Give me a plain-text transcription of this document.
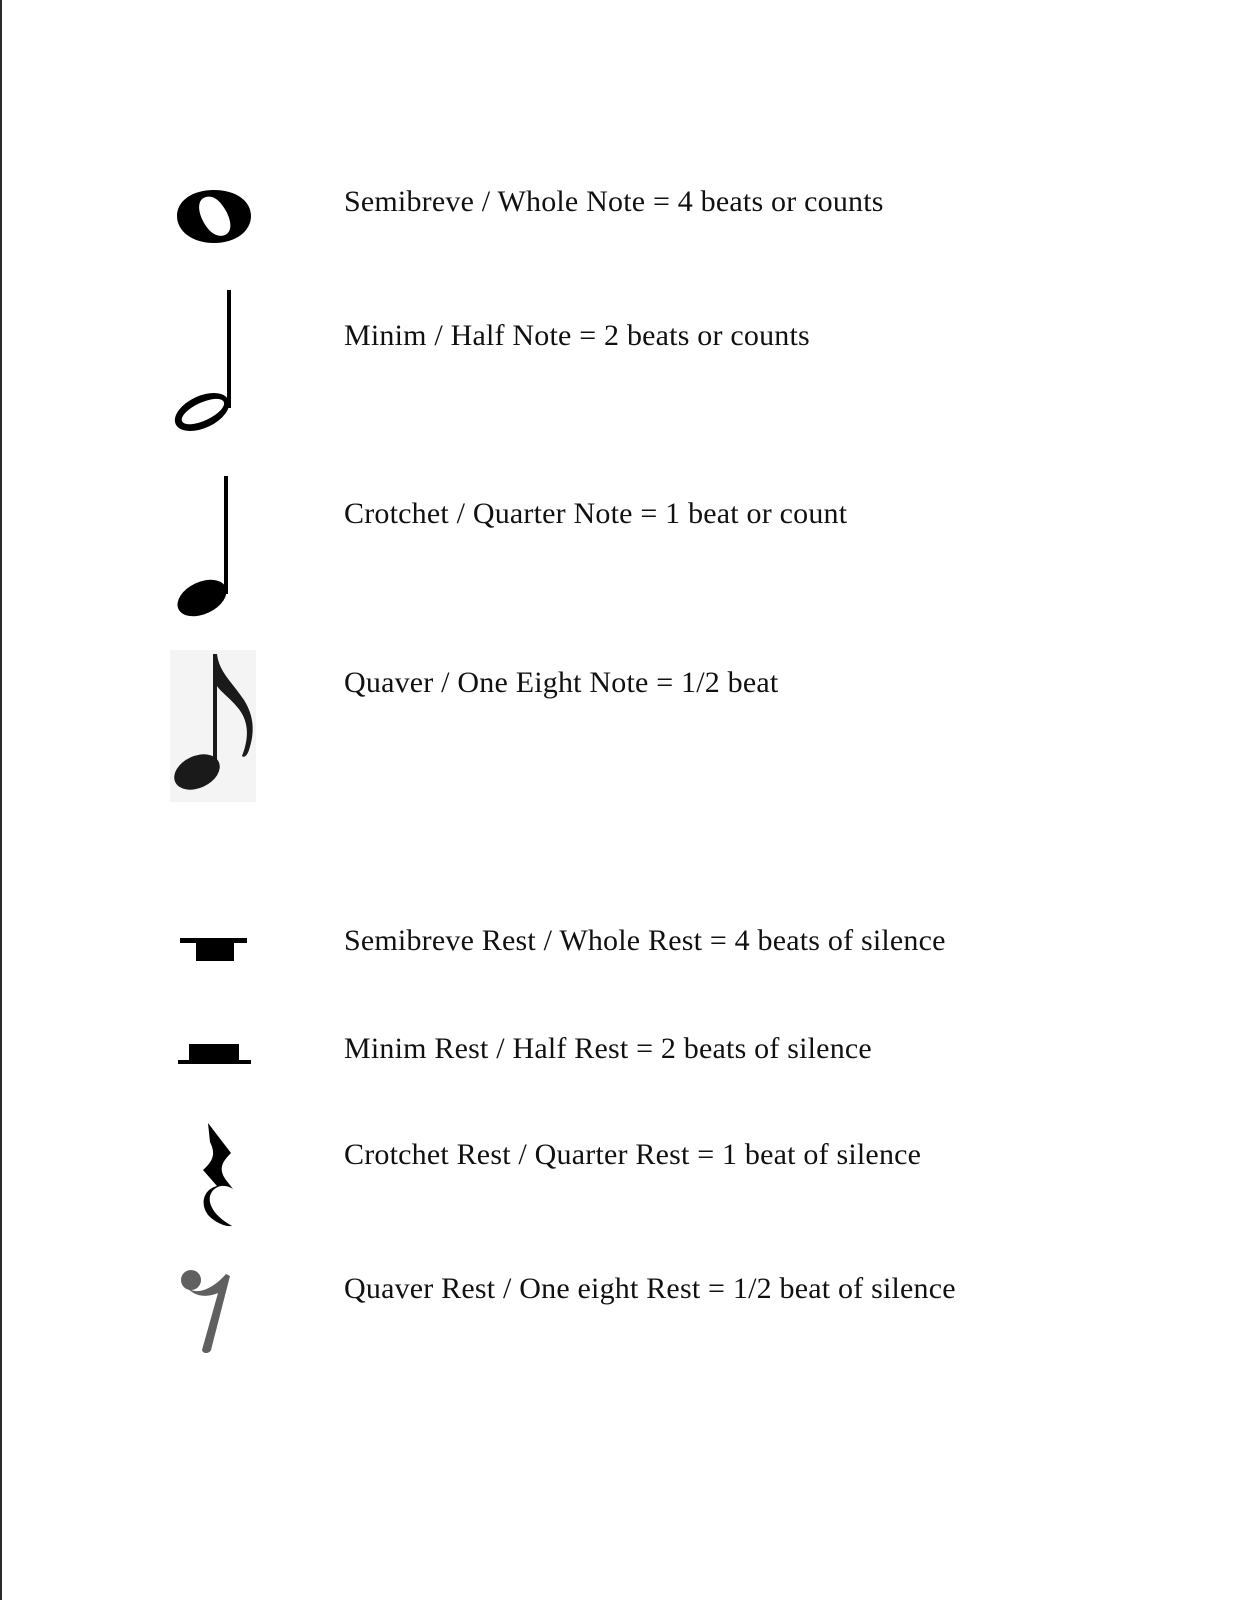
Semibreve / Whole Note = 4 beats or counts
Minim / Half Note = 2 beats or counts
Crotchet / Quarter Note = 1 beat or count
Quaver / One Eight Note = 1/2 beat
Semibreve Rest / Whole Rest = 4 beats of silence
Minim Rest / Half Rest = 2 beats of silence
Crotchet Rest / Quarter Rest = 1 beat of silence
Quaver Rest / One eight Rest = 1/2 beat of silence
